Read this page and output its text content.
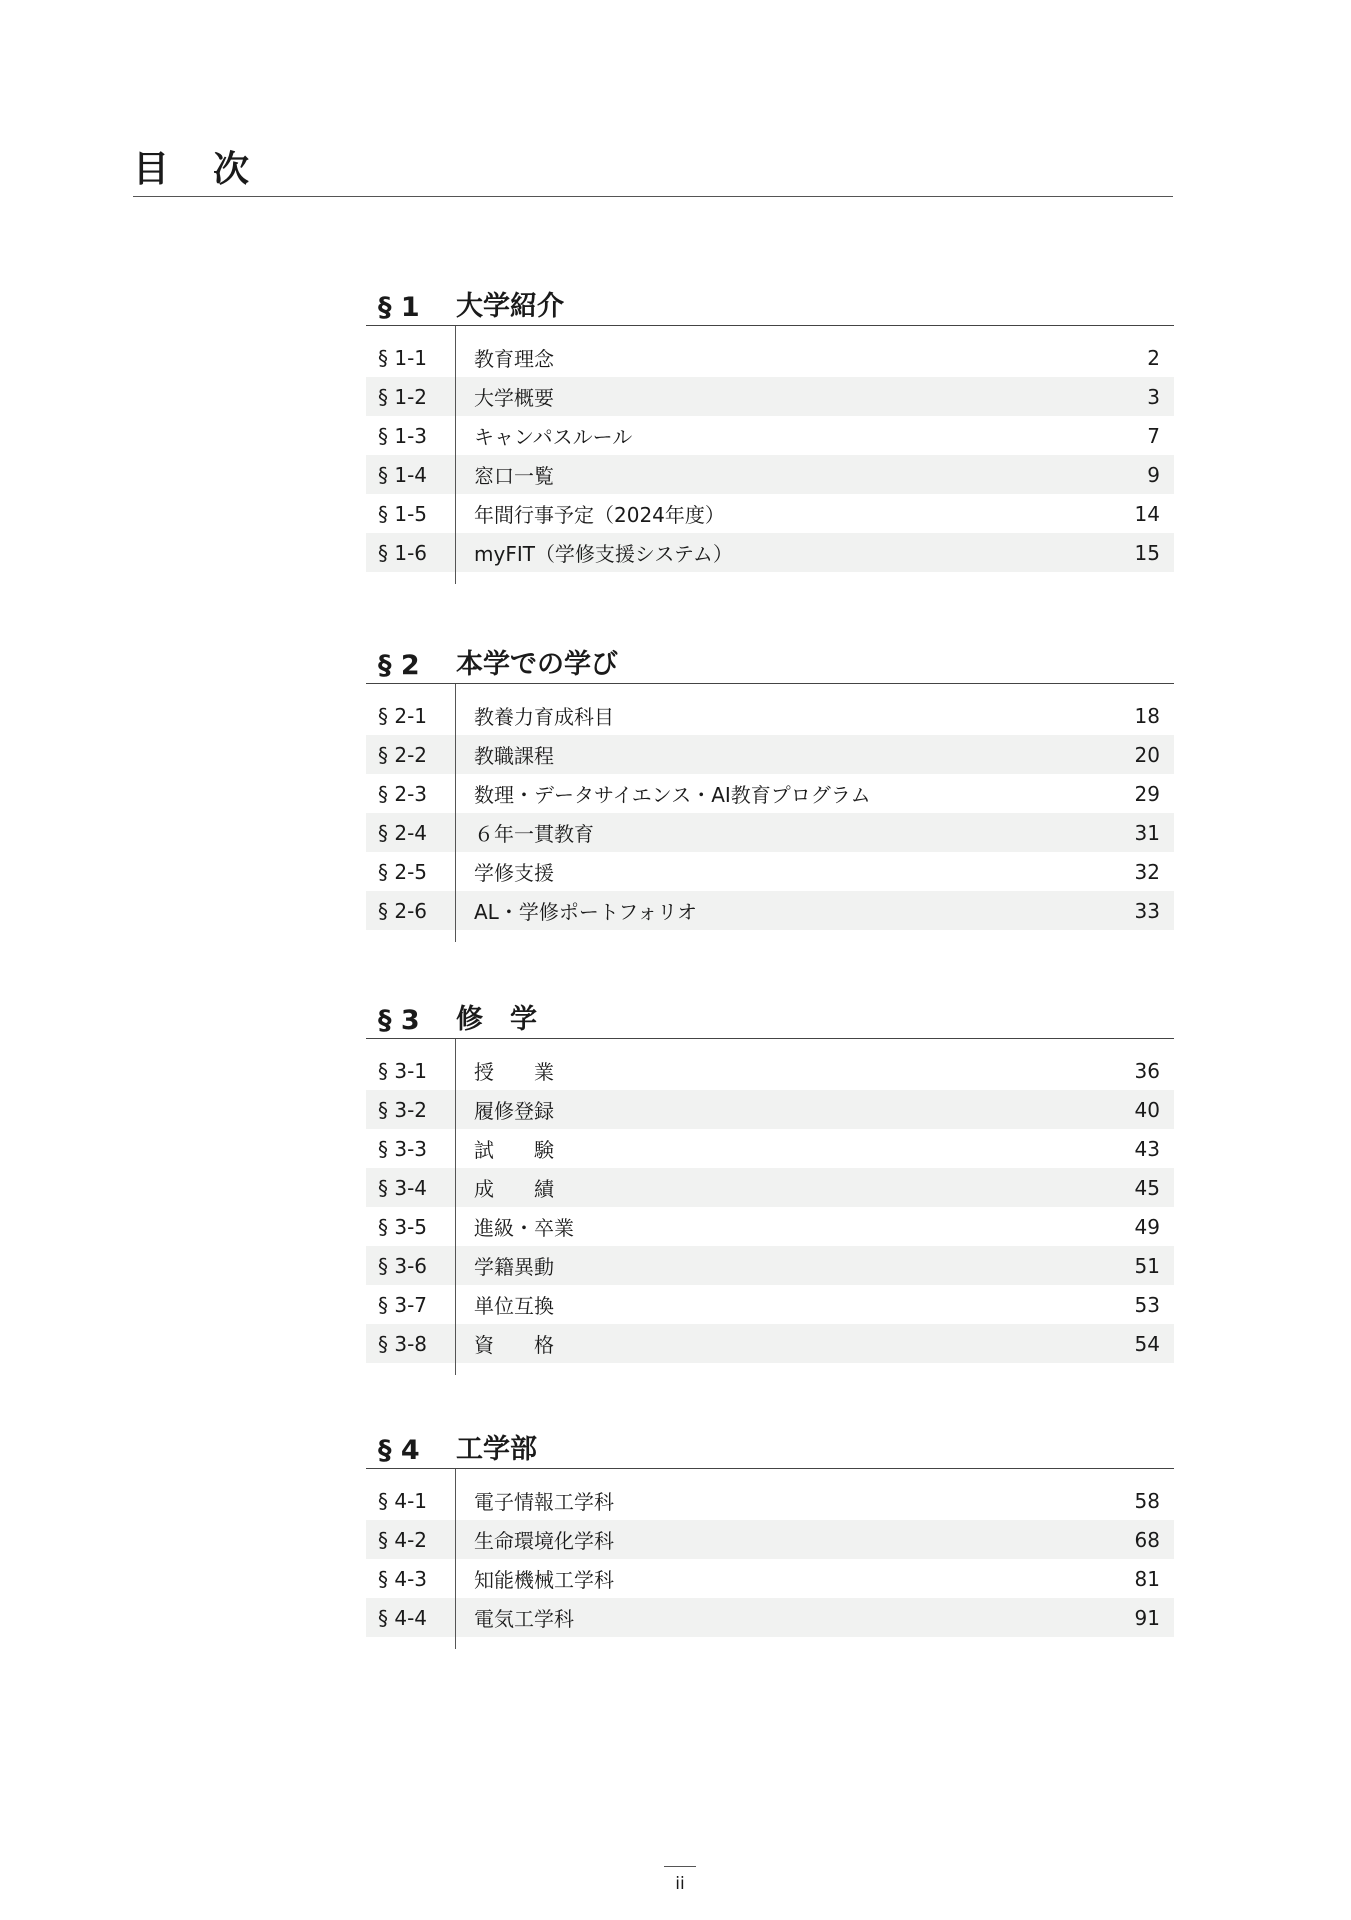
目 次
§ 1	大学紹介
§ 1-1	教育理念	2
§ 1-2	大学概要	3
§ 1-3	キャンパスルール	7
§ 1-4	窓口一覧	9
§ 1-5	年間行事予定（2024年度）	14
§ 1-6	myFIT（学修支援システム）	15
§ 2	本学での学び
§ 2-1	教養力育成科目	18
§ 2-2	教職課程	20
§ 2-3	数理・データサイエンス・AI教育プログラム	29
§ 2-4	６年一貫教育	31
§ 2-5	学修支援	32
§ 2-6	AL・学修ポートフォリオ	33
§ 3	修　学
§ 3-1	授　　業	36
§ 3-2	履修登録	40
§ 3-3	試　　験	43
§ 3-4	成　　績	45
§ 3-5	進級・卒業	49
§ 3-6	学籍異動	51
§ 3-7	単位互換	53
§ 3-8	資　　格	54
§ 4	工学部
§ 4-1	電子情報工学科	58
§ 4-2	生命環境化学科	68
§ 4-3	知能機械工学科	81
§ 4-4	電気工学科	91
ii
